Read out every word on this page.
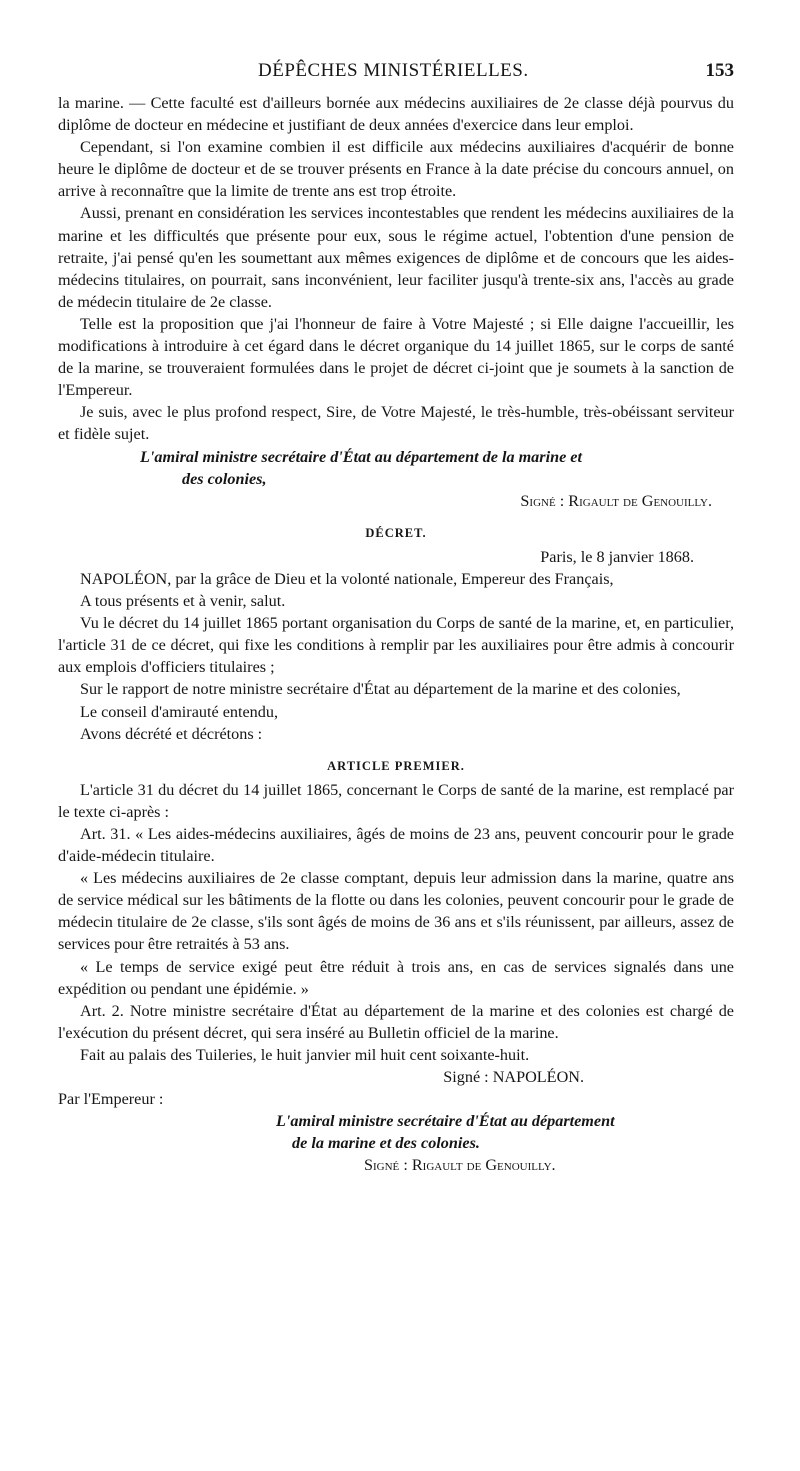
DÉPÊCHES MINISTÉRIELLES.	153

la marine. — Cette faculté est d'ailleurs bornée aux médecins auxiliaires de 2e classe déjà pourvus du diplôme de docteur en médecine et justifiant de deux années d'exercice dans leur emploi.

Cependant, si l'on examine combien il est difficile aux médecins auxiliaires d'acquérir de bonne heure le diplôme de docteur et de se trouver présents en France à la date précise du concours annuel, on arrive à reconnaître que la limite de trente ans est trop étroite.

Aussi, prenant en considération les services incontestables que rendent les médecins auxiliaires de la marine et les difficultés que présente pour eux, sous le régime actuel, l'obtention d'une pension de retraite, j'ai pensé qu'en les soumettant aux mêmes exigences de diplôme et de concours que les aides-médecins titulaires, on pourrait, sans inconvénient, leur faciliter jusqu'à trente-six ans, l'accès au grade de médecin titulaire de 2e classe.

Telle est la proposition que j'ai l'honneur de faire à Votre Majesté ; si Elle daigne l'accueillir, les modifications à introduire à cet égard dans le décret organique du 14 juillet 1865, sur le corps de santé de la marine, se trouveraient formulées dans le projet de décret ci-joint que je soumets à la sanction de l'Empereur.

Je suis, avec le plus profond respect, Sire, de Votre Majesté, le très-humble, très-obéissant serviteur et fidèle sujet.

L'amiral ministre secrétaire d'État au département de la marine et

des colonies,

Signé : Rigault de Genouilly.

DÉCRET.

Paris, le 8 janvier 1868.

NAPOLÉON, par la grâce de Dieu et la volonté nationale, Empereur des Français,

A tous présents et à venir, salut.

Vu le décret du 14 juillet 1865 portant organisation du Corps de santé de la marine, et, en particulier, l'article 31 de ce décret, qui fixe les conditions à remplir par les auxiliaires pour être admis à concourir aux emplois d'officiers titulaires ;

Sur le rapport de notre ministre secrétaire d'État au département de la marine et des colonies,

Le conseil d'amirauté entendu,

Avons décrété et décrétons :

ARTICLE PREMIER.

L'article 31 du décret du 14 juillet 1865, concernant le Corps de santé de la marine, est remplacé par le texte ci-après :

Art. 31. « Les aides-médecins auxiliaires, âgés de moins de 23 ans, peuvent concourir pour le grade d'aide-médecin titulaire.

« Les médecins auxiliaires de 2e classe comptant, depuis leur admission dans la marine, quatre ans de service médical sur les bâtiments de la flotte ou dans les colonies, peuvent concourir pour le grade de médecin titulaire de 2e classe, s'ils sont âgés de moins de 36 ans et s'ils réunissent, par ailleurs, assez de services pour être retraités à 53 ans.

« Le temps de service exigé peut être réduit à trois ans, en cas de services signalés dans une expédition ou pendant une épidémie. »

Art. 2. Notre ministre secrétaire d'État au département de la marine et des colonies est chargé de l'exécution du présent décret, qui sera inséré au Bulletin officiel de la marine.

Fait au palais des Tuileries, le huit janvier mil huit cent soixante-huit.

Signé : NAPOLÉON.

Par l'Empereur :

L'amiral ministre secrétaire d'État au département

de la marine et des colonies.

Signé : Rigault de Genouilly.
